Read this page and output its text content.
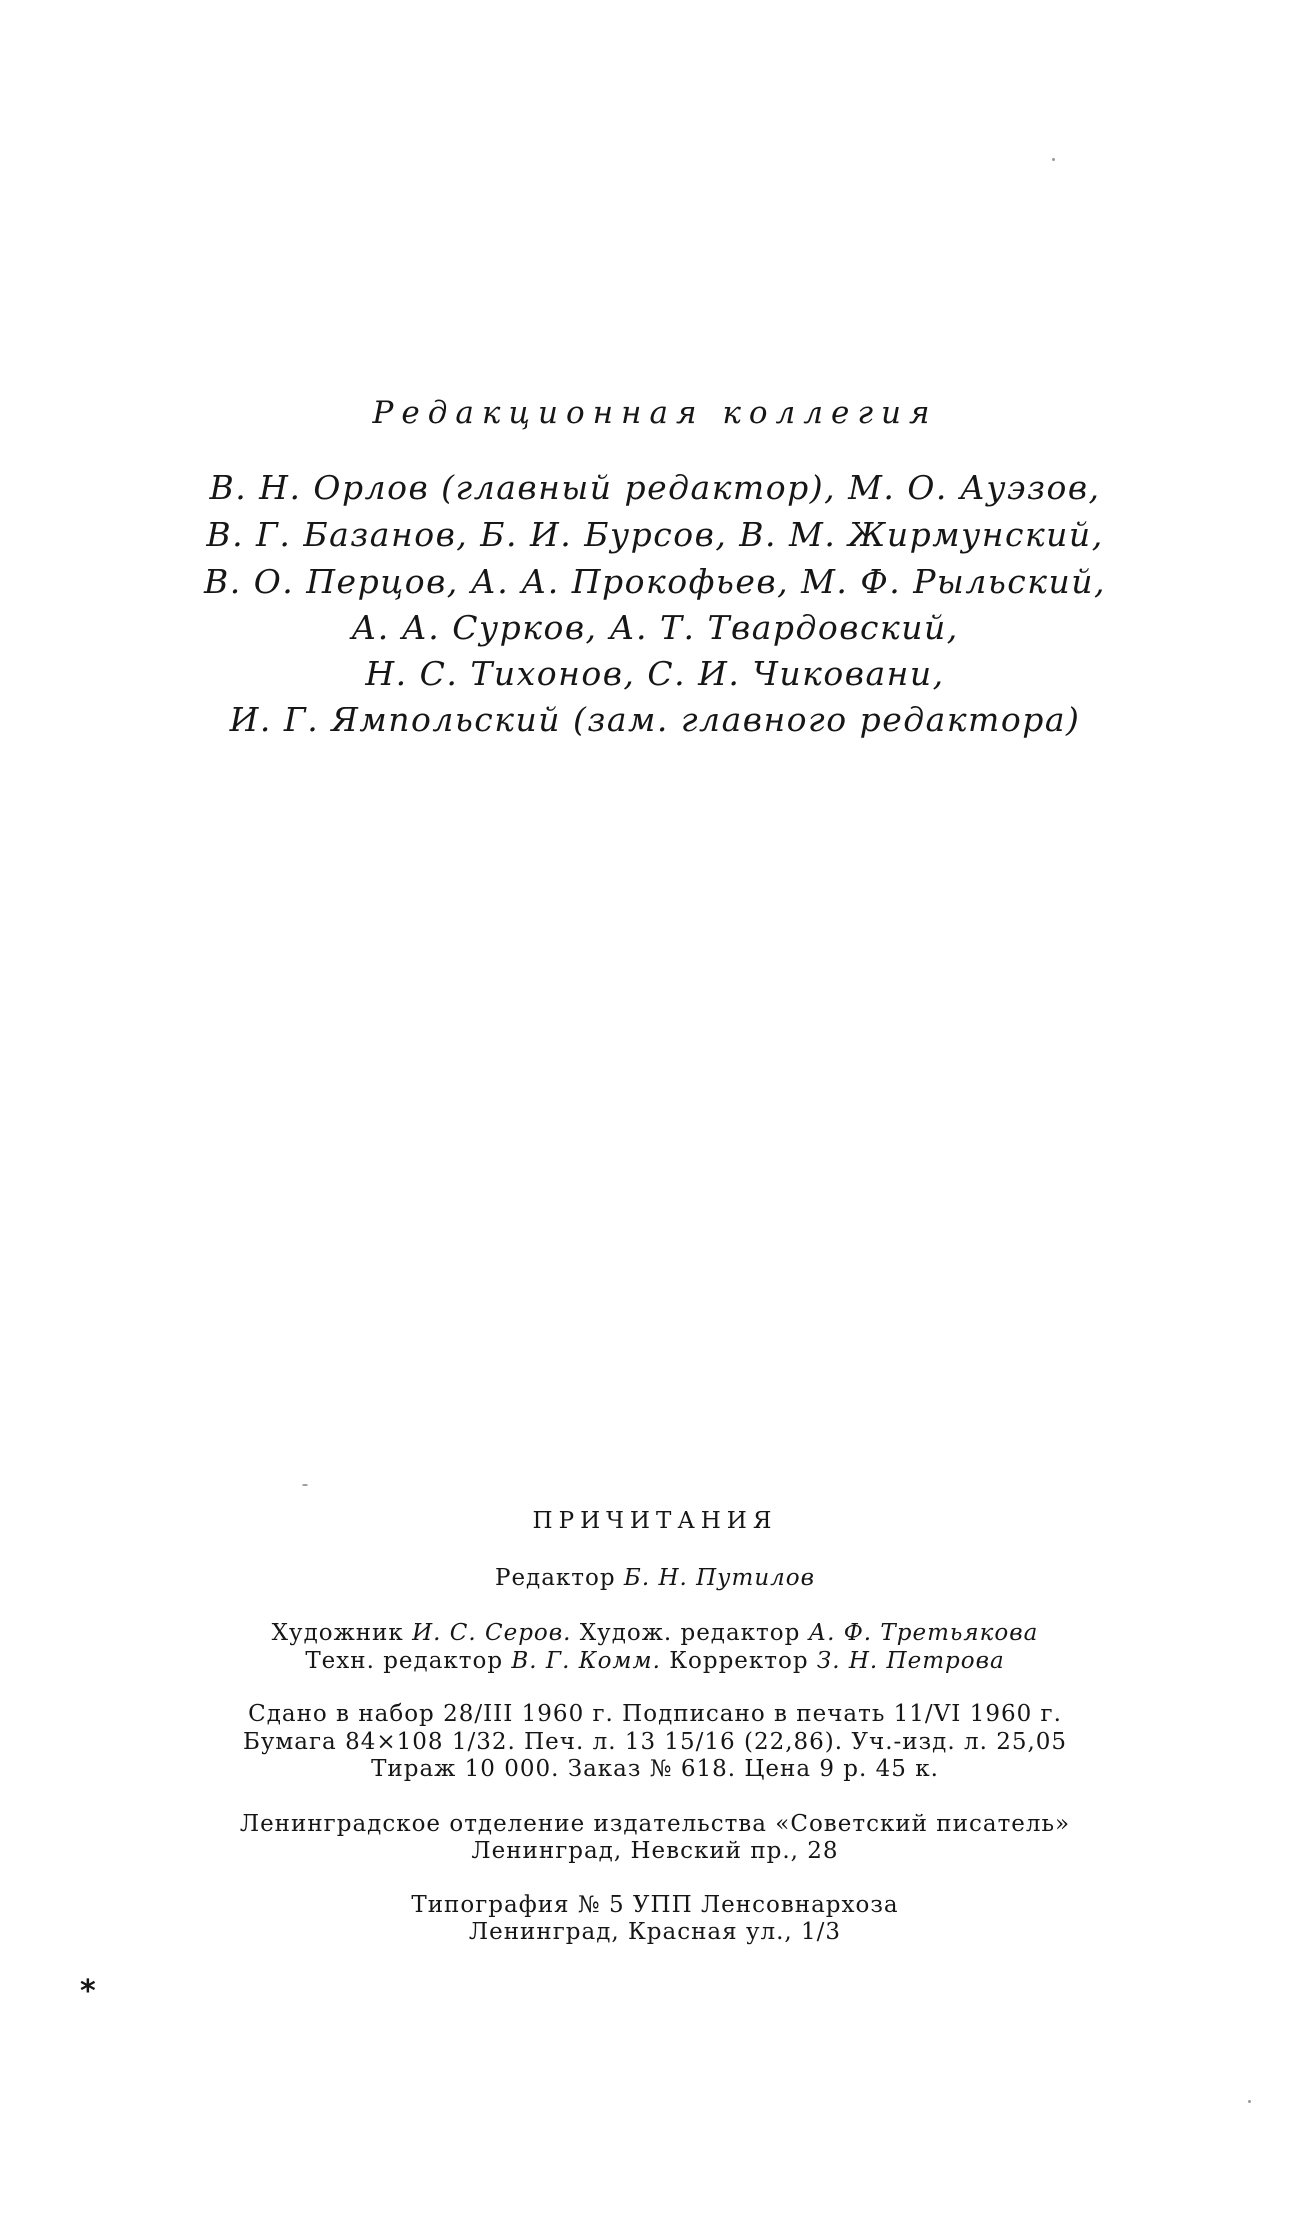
Редакционная коллегия
В. Н. Орлов (главный редактор), М. О. Ауэзов,
В. Г. Базанов, Б. И. Бурсов, В. М. Жирмунский,
В. О. Перцов, А. А. Прокофьев, М. Ф. Рыльский,
А. А. Сурков, А. Т. Твардовский,
Н. С. Тихонов, С. И. Чиковани,
И. Г. Ямпольский (зам. главного редактора)
ПРИЧИТАНИЯ
Редактор Б. Н. Путилов
Художник И. С. Серов. Худож. редактор А. Ф. Третьякова
Техн. редактор В. Г. Комм. Корректор З. Н. Петрова
Сдано в набор 28/III 1960 г. Подписано в печать 11/VI 1960 г.
Бумага 84×108 1/32. Печ. л. 13 15/16 (22,86). Уч.-изд. л. 25,05
Тираж 10 000. Заказ № 618. Цена 9 р. 45 к.
Ленинградское отделение издательства «Советский писатель»
Ленинград, Невский пр., 28
Типография № 5 УПП Ленсовнархоза
Ленинград, Красная ул., 1/3
*
